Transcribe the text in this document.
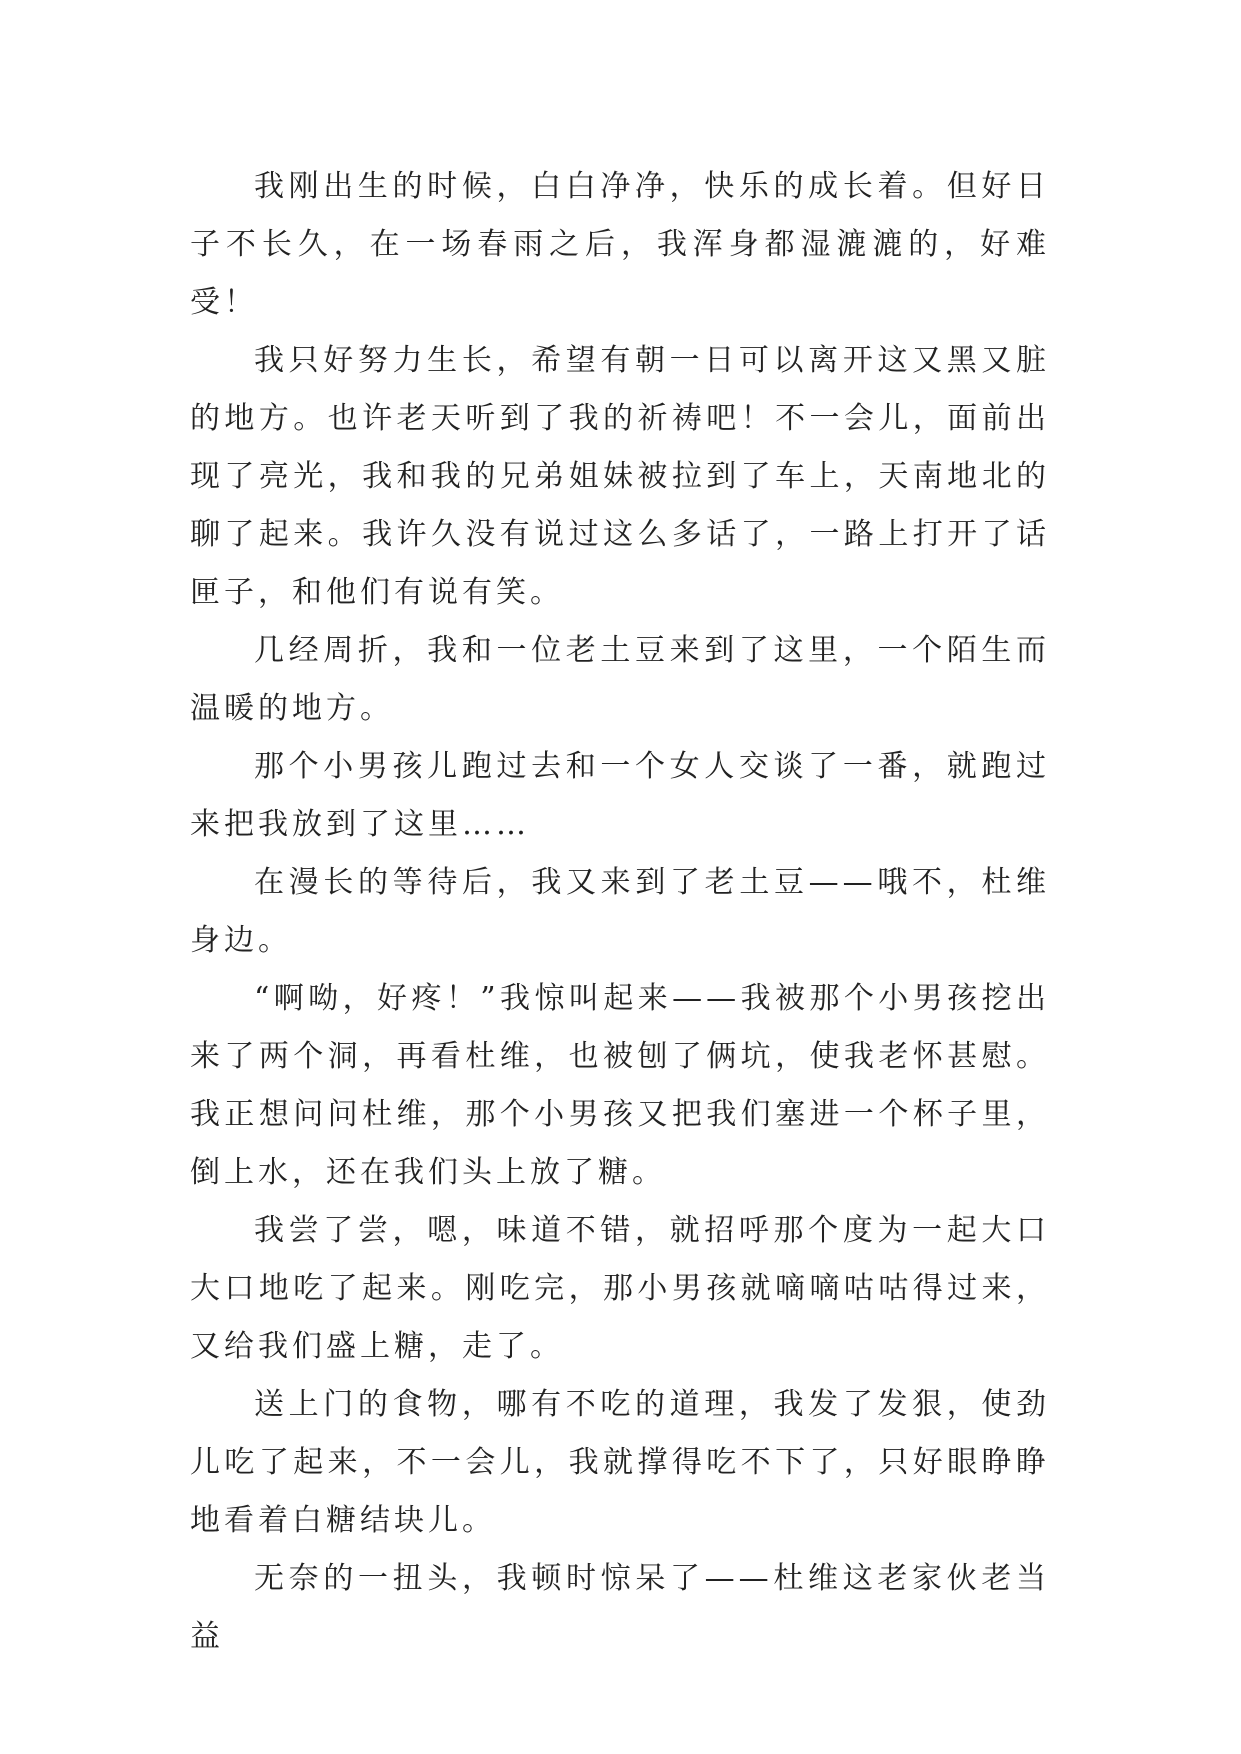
我刚出生的时候，白白净净，快乐的成长着。但好日子不长久，在一场春雨之后，我浑身都湿漉漉的，好难受！

我只好努力生长，希望有朝一日可以离开这又黑又脏的地方。也许老天听到了我的祈祷吧！不一会儿，面前出现了亮光，我和我的兄弟姐妹被拉到了车上，天南地北的聊了起来。我许久没有说过这么多话了，一路上打开了话匣子，和他们有说有笑。

几经周折，我和一位老土豆来到了这里，一个陌生而温暖的地方。

那个小男孩儿跑过去和一个女人交谈了一番，就跑过来把我放到了这里……

在漫长的等待后，我又来到了老土豆——哦不，杜维身边。

“啊呦，好疼！”我惊叫起来——我被那个小男孩挖出来了两个洞，再看杜维，也被刨了俩坑，使我老怀甚慰。我正想问问杜维，那个小男孩又把我们塞进一个杯子里，倒上水，还在我们头上放了糖。

我尝了尝，嗯，味道不错，就招呼那个度为一起大口大口地吃了起来。刚吃完，那小男孩就嘀嘀咕咕得过来，又给我们盛上糖，走了。

送上门的食物，哪有不吃的道理，我发了发狠，使劲儿吃了起来，不一会儿，我就撑得吃不下了，只好眼睁睁地看着白糖结块儿。

无奈的一扭头，我顿时惊呆了——杜维这老家伙老当益
